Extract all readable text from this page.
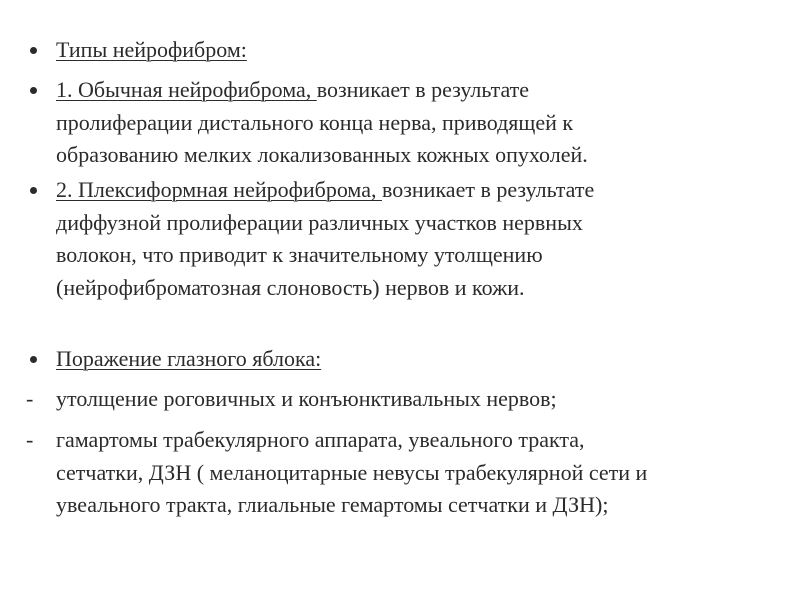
Типы нейрофибром:
1. Обычная нейрофиброма, возникает в результате
пролиферации дистального конца нерва, приводящей к
образованию мелких локализованных кожных опухолей.
2. Плексиформная нейрофиброма, возникает в результате
диффузной пролиферации различных участков нервных
волокон, что приводит к значительному утолщению
(нейрофиброматозная слоновость) нервов и кожи.
Поражение глазного яблока:
- утолщение роговичных и конъюнктивальных нервов;
- гамартомы трабекулярного аппарата, увеального тракта,
сетчатки, ДЗН ( меланоцитарные невусы трабекулярной сети и
увеального тракта, глиальные гемартомы сетчатки и ДЗН);
